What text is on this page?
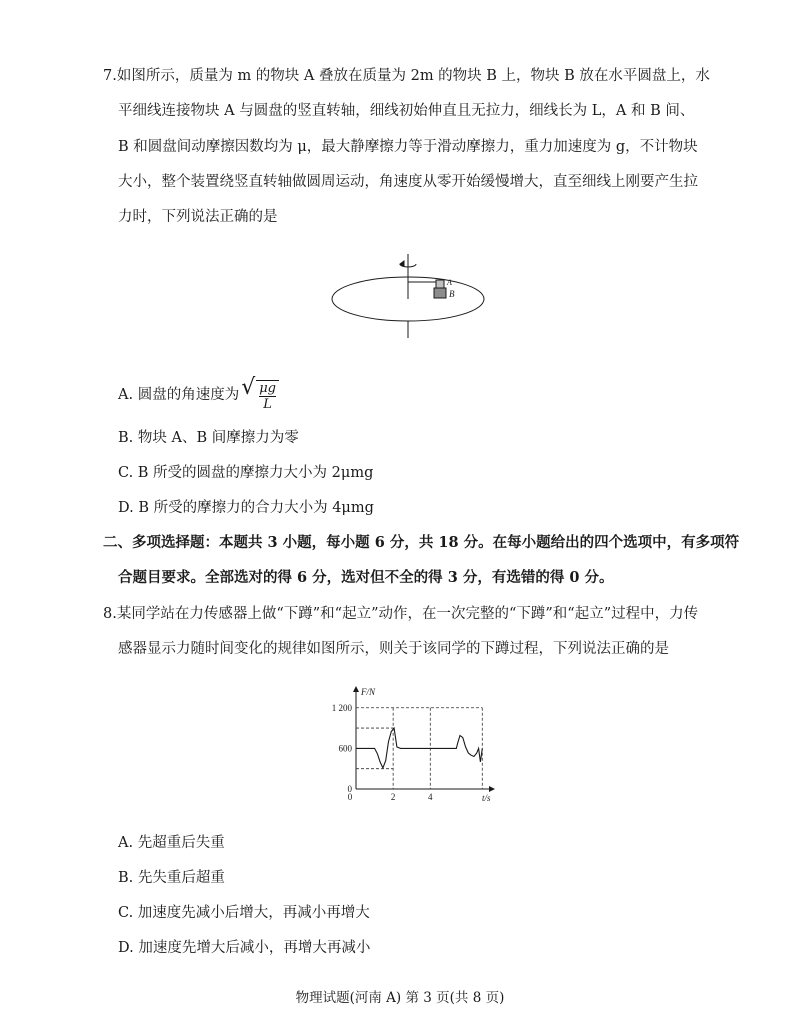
7.如图所示，质量为 m 的物块 A 叠放在质量为 2m 的物块 B 上，物块 B 放在水平圆盘上，水
平细线连接物块 A 与圆盘的竖直转轴，细线初始伸直且无拉力，细线长为 L，A 和 B 间、
B 和圆盘间动摩擦因数均为 μ，最大静摩擦力等于滑动摩擦力，重力加速度为 g，不计物块
大小，整个装置绕竖直转轴做圆周运动，角速度从零开始缓慢增大，直至细线上刚要产生拉
力时，下列说法正确的是
A
B
A. 圆盘的角速度为√ $\frac{\mu g}{L}$
B. 物块 A、B 间摩擦力为零
C. B 所受的圆盘的摩擦力大小为 2μmg
D. B 所受的摩擦力的合力大小为 4μmg
二、多项选择题：本题共 3 小题，每小题 6 分，共 18 分。在每小题给出的四个选项中，有多项符
合题目要求。全部选对的得 6 分，选对但不全的得 3 分，有选错的得 0 分。
8.某同学站在力传感器上做“下蹲”和“起立”动作，在一次完整的“下蹲”和“起立”过程中，力传
感器显示力随时间变化的规律如图所示，则关于该同学的下蹲过程，下列说法正确的是
F/N
t/s
1 200
600
0
2	4
0
A. 先超重后失重
B. 先失重后超重
C. 加速度先减小后增大，再减小再增大
D. 加速度先增大后减小，再增大再减小
物理试题(河南 A) 第 3 页(共 8 页)
